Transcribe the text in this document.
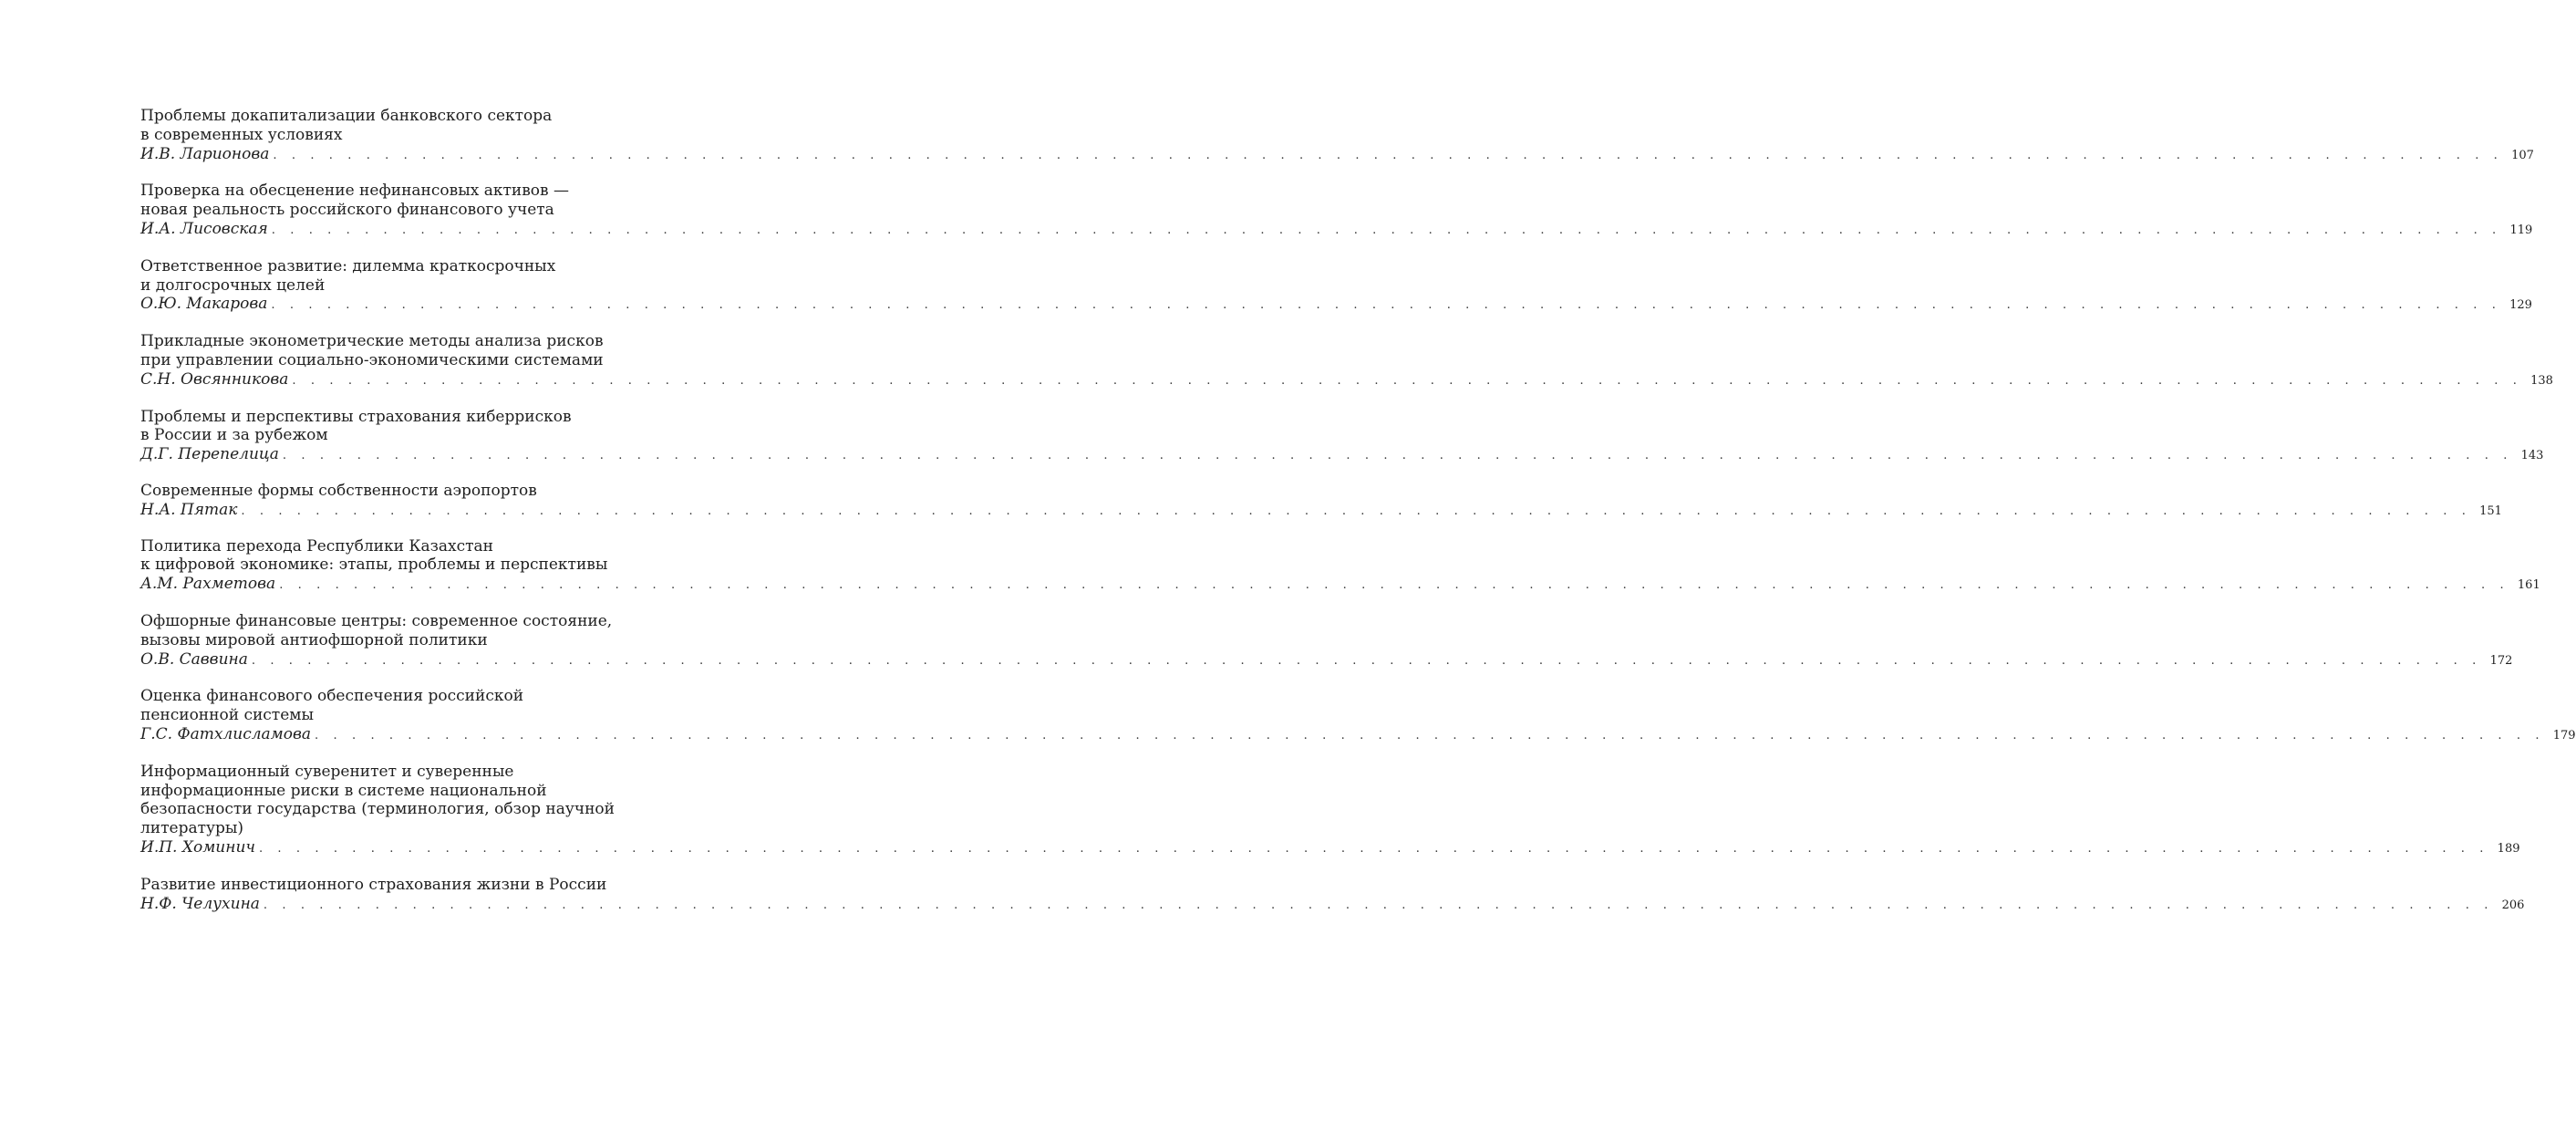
Проблемы докапитализации банковского сектора
в современных условиях
И.В. Ларионова . . . . . . . . . . . . . . . . . . . . . . . . . . . . . . . . . . . . . . . . . . . . . . . . . . . . . . . . . . . . . . . . . . . . . . . . . . . . . . . . . . . . . . . . . . . . . . . . . . . . . . . . . . . . . . . . . . . . . . . . 107
Проверка на обесценение нефинансовых активов —
новая реальность российского финансового учета
И.А. Лисовская . . . . . . . . . . . . . . . . . . . . . . . . . . . . . . . . . . . . . . . . . . . . . . . . . . . . . . . . . . . . . . . . . . . . . . . . . . . . . . . . . . . . . . . . . . . . . . . . . . . . . . . . . . . . . . . . . . . . . . . . 119
Ответственное развитие: дилемма краткосрочных
и долгосрочных целей
О.Ю. Макарова . . . . . . . . . . . . . . . . . . . . . . . . . . . . . . . . . . . . . . . . . . . . . . . . . . . . . . . . . . . . . . . . . . . . . . . . . . . . . . . . . . . . . . . . . . . . . . . . . . . . . . . . . . . . . . . . . . . . . . . . 129
Прикладные эконометрические методы анализа рисков
при управлении социально-экономическими системами
С.Н. Овсянникова . . . . . . . . . . . . . . . . . . . . . . . . . . . . . . . . . . . . . . . . . . . . . . . . . . . . . . . . . . . . . . . . . . . . . . . . . . . . . . . . . . . . . . . . . . . . . . . . . . . . . . . . . . . . . . . . . . . . . . . . 138
Проблемы и перспективы страхования киберрисков
в России и за рубежом
Д.Г. Перепелица . . . . . . . . . . . . . . . . . . . . . . . . . . . . . . . . . . . . . . . . . . . . . . . . . . . . . . . . . . . . . . . . . . . . . . . . . . . . . . . . . . . . . . . . . . . . . . . . . . . . . . . . . . . . . . . . . . . . . . . . 143
Современные формы собственности аэропортов
Н.А. Пятак . . . . . . . . . . . . . . . . . . . . . . . . . . . . . . . . . . . . . . . . . . . . . . . . . . . . . . . . . . . . . . . . . . . . . . . . . . . . . . . . . . . . . . . . . . . . . . . . . . . . . . . . . . . . . . . . . . . . . . . . 151
Политика перехода Республики Казахстан
к цифровой экономике: этапы, проблемы и перспективы
А.М. Рахметова . . . . . . . . . . . . . . . . . . . . . . . . . . . . . . . . . . . . . . . . . . . . . . . . . . . . . . . . . . . . . . . . . . . . . . . . . . . . . . . . . . . . . . . . . . . . . . . . . . . . . . . . . . . . . . . . . . . . . . . . 161
Офшорные финансовые центры: современное состояние,
вызовы мировой антиофшорной политики
О.В. Саввина . . . . . . . . . . . . . . . . . . . . . . . . . . . . . . . . . . . . . . . . . . . . . . . . . . . . . . . . . . . . . . . . . . . . . . . . . . . . . . . . . . . . . . . . . . . . . . . . . . . . . . . . . . . . . . . . . . . . . . . . 172
Оценка финансового обеспечения российской
пенсионной системы
Г.С. Фатхлисламова . . . . . . . . . . . . . . . . . . . . . . . . . . . . . . . . . . . . . . . . . . . . . . . . . . . . . . . . . . . . . . . . . . . . . . . . . . . . . . . . . . . . . . . . . . . . . . . . . . . . . . . . . . . . . . . . . . . . . . . . 179
Информационный суверенитет и суверенные
информационные риски в системе национальной
безопасности государства (терминология, обзор научной
литературы)
И.П. Хоминич . . . . . . . . . . . . . . . . . . . . . . . . . . . . . . . . . . . . . . . . . . . . . . . . . . . . . . . . . . . . . . . . . . . . . . . . . . . . . . . . . . . . . . . . . . . . . . . . . . . . . . . . . . . . . . . . . . . . . . . . 189
Развитие инвестиционного страхования жизни в России
Н.Ф. Челухина . . . . . . . . . . . . . . . . . . . . . . . . . . . . . . . . . . . . . . . . . . . . . . . . . . . . . . . . . . . . . . . . . . . . . . . . . . . . . . . . . . . . . . . . . . . . . . . . . . . . . . . . . . . . . . . . . . . . . . . . 206
